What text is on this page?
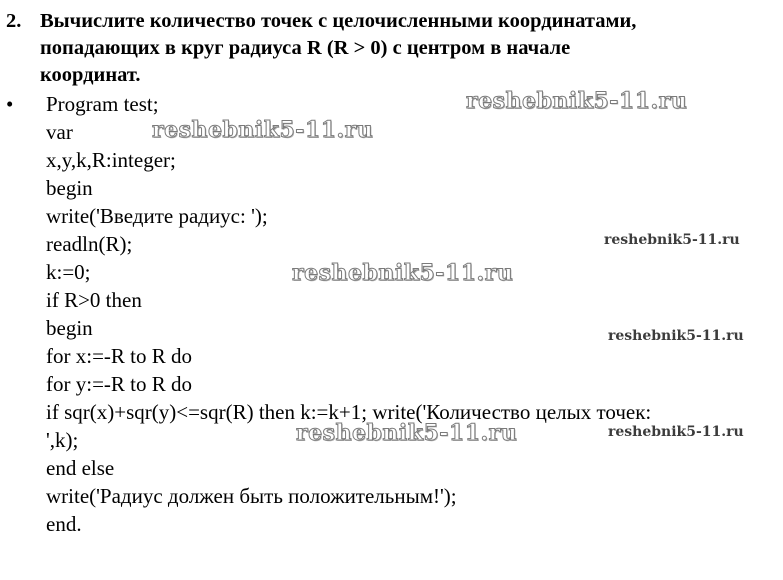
2. Вычислите количество точек с целочисленными координатами,
попадающих в круг радиуса R (R > 0) с центром в начале
координат.
• Program test;
var
x,y,k,R:integer;
begin
write('Введите радиус: ');
readln(R);
k:=0;
if R>0 then
begin
for x:=-R to R do
for y:=-R to R do
if sqr(x)+sqr(y)<=sqr(R) then k:=k+1; write('Количество целых точек:
',k);
end else
write('Радиус должен быть положительным!');
end.
reshebnik5-11.ru
reshebnik5-11.ru
reshebnik5-11.ru
reshebnik5-11.ru
reshebnik5-11.ru
reshebnik5-11.ru	reshebnik5-11.ru
